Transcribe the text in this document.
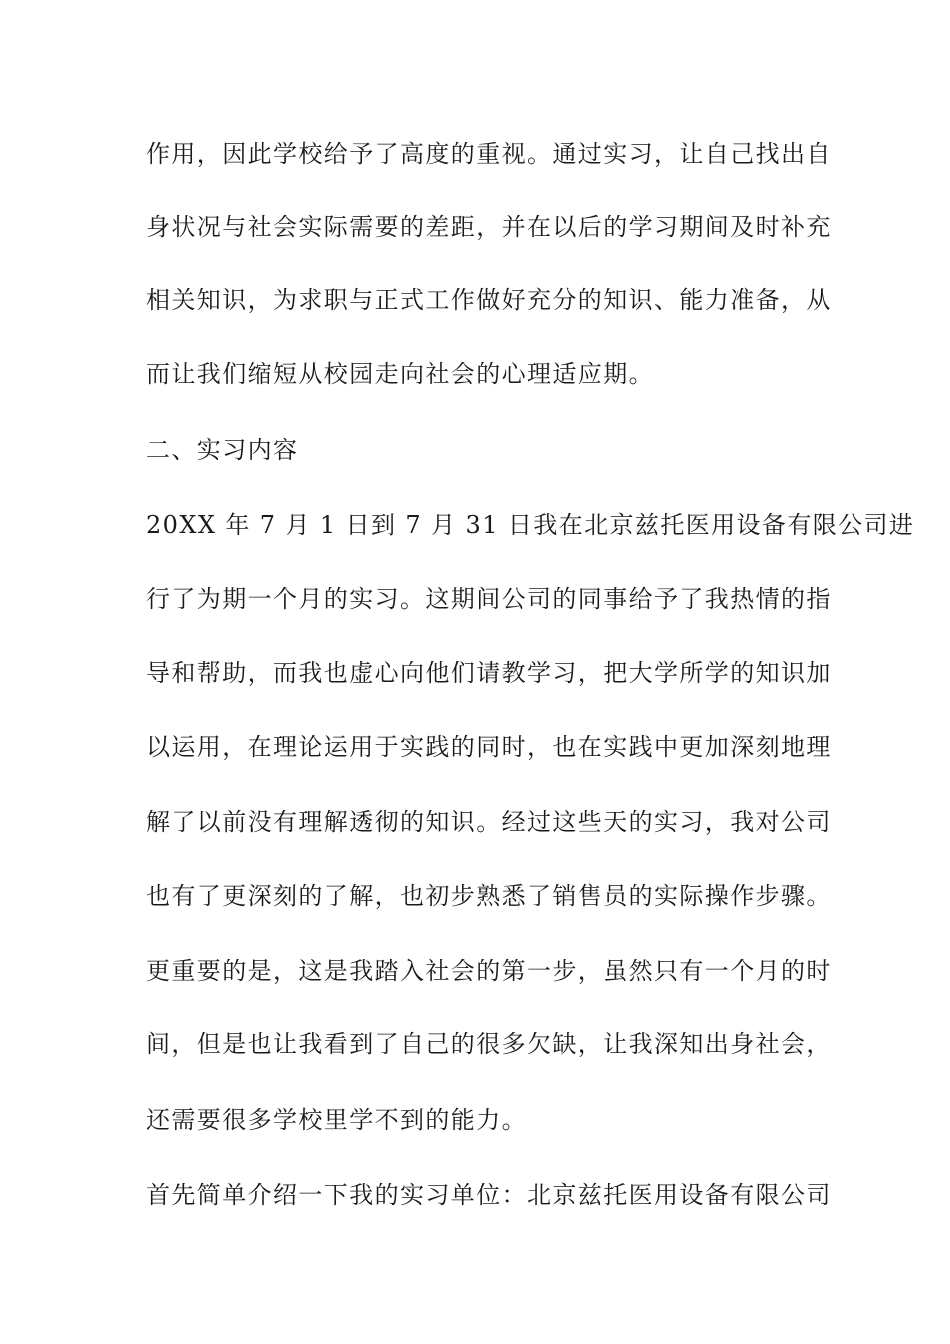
作用，因此学校给予了高度的重视。通过实习，让自己找出自
身状况与社会实际需要的差距，并在以后的学习期间及时补充
相关知识，为求职与正式工作做好充分的知识、能力准备，从
而让我们缩短从校园走向社会的心理适应期。
二、实习内容
20XX 年 7 月 1 日到 7 月 31 日我在北京兹托医用设备有限公司进
行了为期一个月的实习。这期间公司的同事给予了我热情的指
导和帮助，而我也虚心向他们请教学习，把大学所学的知识加
以运用，在理论运用于实践的同时，也在实践中更加深刻地理
解了以前没有理解透彻的知识。经过这些天的实习，我对公司
也有了更深刻的了解，也初步熟悉了销售员的实际操作步骤。
更重要的是，这是我踏入社会的第一步，虽然只有一个月的时
间，但是也让我看到了自己的很多欠缺，让我深知出身社会，
还需要很多学校里学不到的能力。
首先简单介绍一下我的实习单位：北京兹托医用设备有限公司
